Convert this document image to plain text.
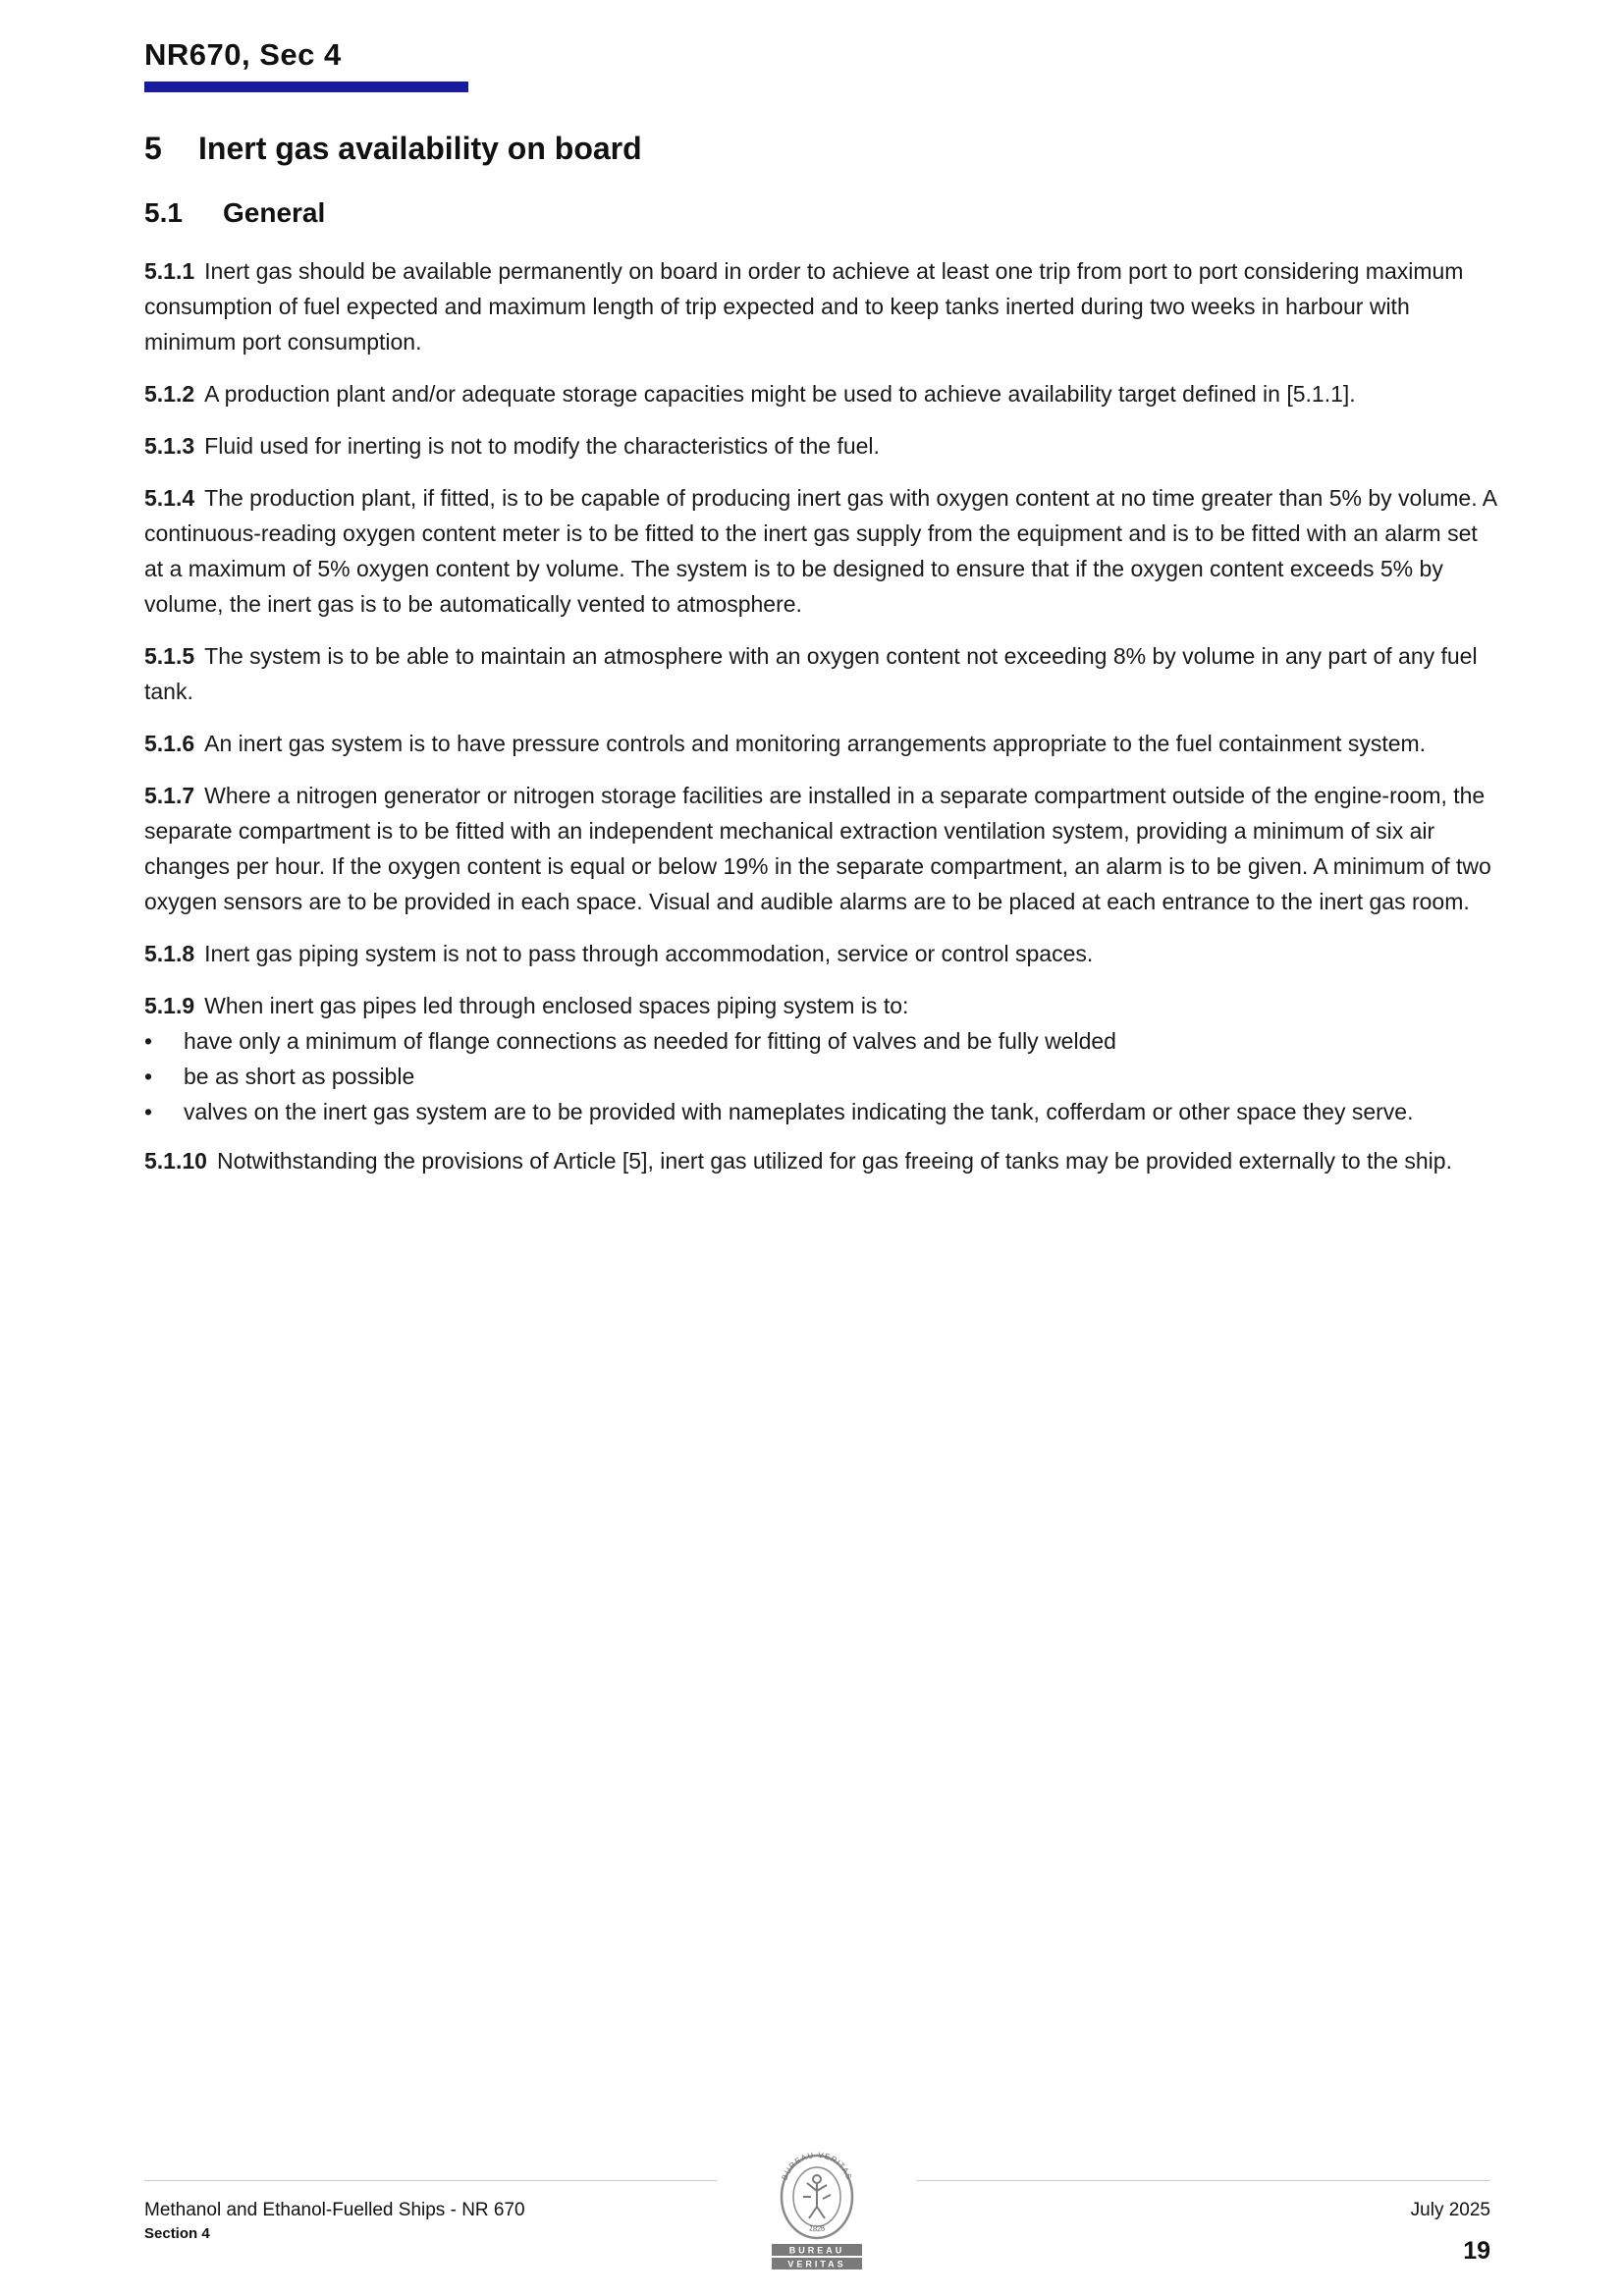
NR670, Sec 4
5 Inert gas availability on board
5.1 General

5.1.1 Inert gas should be available permanently on board in order to achieve at least one trip from port to port considering maximum consumption of fuel expected and maximum length of trip expected and to keep tanks inerted during two weeks in harbour with minimum port consumption.

5.1.2 A production plant and/or adequate storage capacities might be used to achieve availability target defined in [5.1.1].

5.1.3 Fluid used for inerting is not to modify the characteristics of the fuel.

5.1.4 The production plant, if fitted, is to be capable of producing inert gas with oxygen content at no time greater than 5% by volume. A continuous-reading oxygen content meter is to be fitted to the inert gas supply from the equipment and is to be fitted with an alarm set at a maximum of 5% oxygen content by volume. The system is to be designed to ensure that if the oxygen content exceeds 5% by volume, the inert gas is to be automatically vented to atmosphere.

5.1.5 The system is to be able to maintain an atmosphere with an oxygen content not exceeding 8% by volume in any part of any fuel tank.

5.1.6 An inert gas system is to have pressure controls and monitoring arrangements appropriate to the fuel containment system.

5.1.7 Where a nitrogen generator or nitrogen storage facilities are installed in a separate compartment outside of the engine-room, the separate compartment is to be fitted with an independent mechanical extraction ventilation system, providing a minimum of six air changes per hour. If the oxygen content is equal or below 19% in the separate compartment, an alarm is to be given. A minimum of two oxygen sensors are to be provided in each space. Visual and audible alarms are to be placed at each entrance to the inert gas room.

5.1.8 Inert gas piping system is not to pass through accommodation, service or control spaces.

5.1.9 When inert gas pipes led through enclosed spaces piping system is to:

• have only a minimum of flange connections as needed for fitting of valves and be fully welded
• be as short as possible
• valves on the inert gas system are to be provided with nameplates indicating the tank, cofferdam or other space they serve.

5.1.10 Notwithstanding the provisions of Article [5], inert gas utilized for gas freeing of tanks may be provided externally to the ship.

Methanol and Ethanol-Fuelled Ships - NR 670
Section 4
July 2025
19
BUREAU VERITAS
1828
BUREAU
VERITAS
